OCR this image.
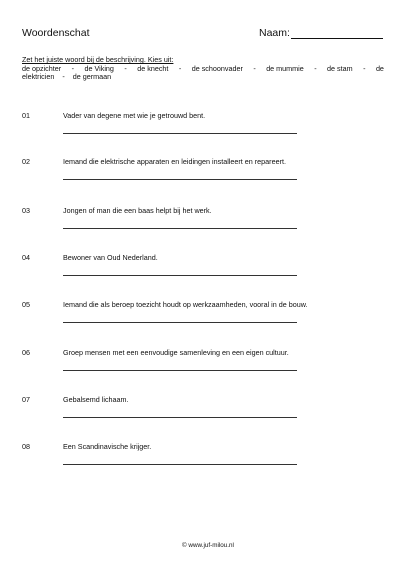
Woordenschat	Naam:
Zet het juiste woord bij de beschrijving. Kies uit:
de opzichter - de Viking - de knecht - de schoonvader - de mummie - de stam - de
elektricien - de germaan
01	Vader van degene met wie je getrouwd bent.
02	Iemand die elektrische apparaten en leidingen installeert en repareert.
03	Jongen of man die een baas helpt bij het werk.
04	Bewoner van Oud Nederland.
05	Iemand die als beroep toezicht houdt op werkzaamheden, vooral in de bouw.
06	Groep mensen met een eenvoudige samenleving en een eigen cultuur.
07	Gebalsemd lichaam.
08	Een Scandinavische krijger.
© www.juf-milou.nl
